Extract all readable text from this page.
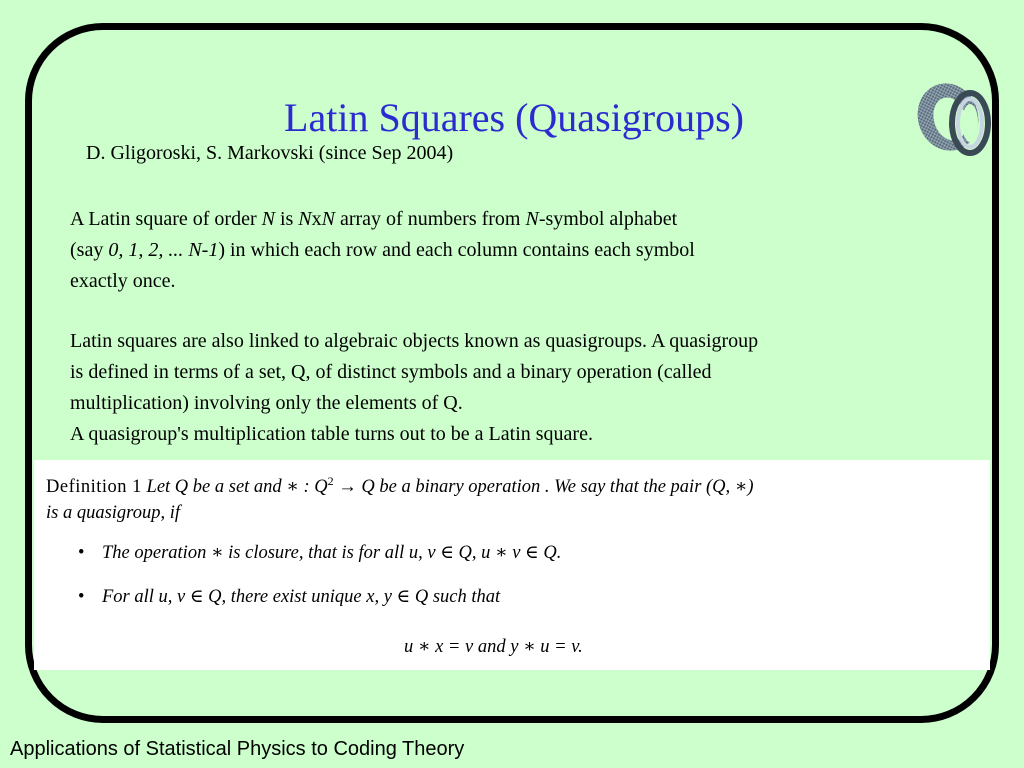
Latin Squares (Quasigroups)
D. Gligoroski, S. Markovski (since Sep 2004)
A Latin square of order N is NxN array of numbers from N-symbol alphabet
(say 0, 1, 2, ... N-1) in which each row and each column contains each symbol
exactly once.
Latin squares are also linked to algebraic objects known as quasigroups. A quasigroup
is defined in terms of a set, Q, of distinct symbols and a binary operation (called
multiplication) involving only the elements of Q.
A quasigroup's multiplication table turns out to be a Latin square.
Definition 1 Let Q be a set and ∗ : $Q^2 \to Q$ be a binary operation . We say that the pair (Q, ∗)
is a quasigroup, if
• The operation ∗ is closure, that is for all u, v ∈ Q, u ∗ v ∈ Q.
• For all u, v ∈ Q, there exist unique x, y ∈ Q such that
u ∗ x = v and y ∗ u = v.
Applications of Statistical Physics to Coding Theory
